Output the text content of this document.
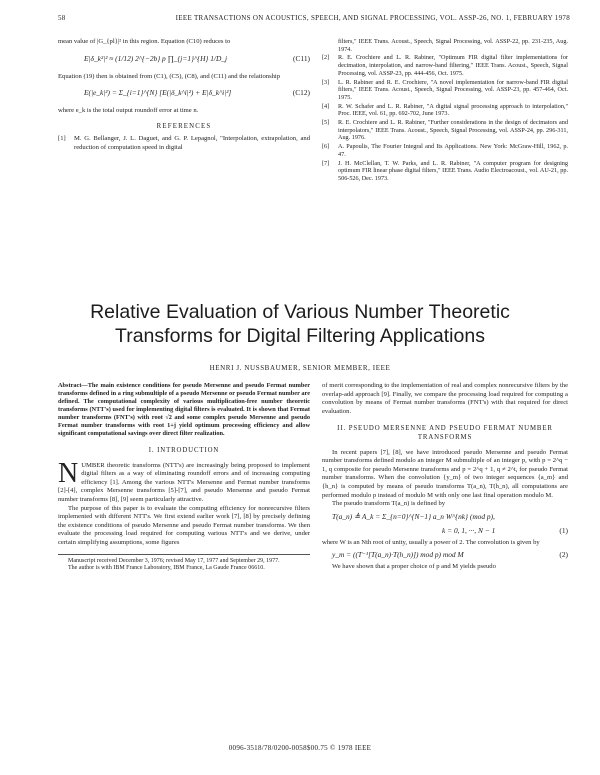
58	IEEE TRANSACTIONS ON ACOUSTICS, SPEECH, AND SIGNAL PROCESSING, VOL. ASSP-26, NO. 1, FEBRUARY 1978

mean value of |G_{pl}|² in this region. Equation (C10) reduces to

E|δ_k²|² ≈ (1/12) 2^{−2b} p ∏_{j=1}^{H} 1/D_j	(C11)

Equation (19) then is obtained from (C1), (C5), (C8), and (C11) and the relationship

E(|e_k|²) = Σ_{i=1}^{N} [E(|δ_k^i|²) + E|δ_k^i|²]	(C12)

where e_k is the total output roundoff error at time n.

REFERENCES
[1] M. G. Bellanger, J. L. Daguet, and G. P. Lepagnol, "Interpolation, extrapolation, and reduction of computation speed in digital
filters," IEEE Trans. Acoust., Speech, Signal Processing, vol. ASSP-22, pp. 231-235, Aug. 1974.
[2] R. E. Crochiere and L. R. Rabiner, "Optimum FIR digital filter implementations for decimation, interpolation, and narrow-band filtering," IEEE Trans. Acoust., Speech, Signal Processing, vol. ASSP-23, pp. 444-456, Oct. 1975.
[3] L. R. Rabiner and R. E. Crochiere, "A novel implementation for narrow-band FIR digital filters," IEEE Trans. Acoust., Speech, Signal Processing, vol. ASSP-23, pp. 457-464, Oct. 1975.
[4] R. W. Schafer and L. R. Rabiner, "A digital signal processing approach to interpolation," Proc. IEEE, vol. 61, pp. 692-702, June 1973.
[5] R. E. Crochiere and L. R. Rabiner, "Further considerations in the design of decimators and interpolators," IEEE Trans. Acoust., Speech, Signal Processing, vol. ASSP-24, pp. 296-311, Aug. 1976.
[6] A. Papoulis, The Fourier Integral and Its Applications. New York: McGraw-Hill, 1962, p. 47.
[7] J. H. McClellan, T. W. Parks, and L. R. Rabiner, "A computer program for designing optimum FIR linear phase digital filters," IEEE Trans. Audio Electroacoust., vol. AU-21, pp. 506-526, Dec. 1973.
Relative Evaluation of Various Number Theoretic
Transforms for Digital Filtering Applications
HENRI J. NUSSBAUMER, SENIOR MEMBER, IEEE

Abstract—The main existence conditions for pseudo Mersenne and pseudo Fermat number transforms defined in a ring submultiple of a pseudo Mersenne or pseudo Fermat number are defined. The computational complexity of various multiplication-free number theoretic transforms (NTT's) used for implementing digital filters is evaluated. It is shown that Fermat number transforms (FNT's) with root √2 and some complex pseudo Mersenne and pseudo Fermat number transforms with root 1+j yield optimum processing efficiency and allow significant computational savings over direct filter realization.

I. INTRODUCTION

NUMBER theoretic transforms (NTT's) are increasingly being proposed to implement digital filters as a way of eliminating roundoff errors and of increasing computing efficiency [1]. Among the various NTT's Mersenne and Fermat number transforms [2]-[4], complex Mersenne transforms [5]-[7], and pseudo Mersenne and pseudo Fermat number transforms [8], [9] seem particularly attractive.

The purpose of this paper is to evaluate the computing efficiency for nonrecursive filters implemented with different NTT's. We first extend earlier work [7], [8] by precisely defining the existence conditions of pseudo Mersenne and pseudo Fermat number transforms. We then evaluate the processing load required for computing various NTT's and we derive, under certain simplifying assumptions, some figures

Manuscript received December 3, 1976; revised May 17, 1977 and September 29, 1977.

The author is with IBM France Laboratory, IBM France, La Gaude France 06610.

of merit corresponding to the implementation of real and complex nonrecursive filters by the overlap-add approach [9]. Finally, we compare the processing load required for computing a convolution by means of Fermat number transforms (FNT's) with that required for direct evaluation.

II. PSEUDO MERSENNE AND PSEUDO FERMAT NUMBER
TRANSFORMS

In recent papers [7], [8], we have introduced pseudo Mersenne and pseudo Fermat number transforms defined modulo an integer M submultiple of an integer p, with p = 2^q − 1, q composite for pseudo Mersenne transforms and p = 2^q + 1, q ≠ 2^t, for pseudo Fermat number transforms. When the convolution {y_m} of two integer sequences {a_m} and {h_n} is computed by means of pseudo transforms T(a_n), T(h_n), all computations are performed modulo p instead of modulo M with only one last final operation modulo M.

The pseudo transform T(a_n) is defined by

T(a_n) ≜ A_k = Σ_{n=0}^{N−1} a_n W^{nk} (mod p),
k = 0, 1, ···, N − 1	(1)

where W is an Nth root of unity, usually a power of 2. The convolution is given by

y_m = ((T⁻¹[T(a_n)·T(h_n)]) mod p) mod M	(2)

We have shown that a proper choice of p and M yields pseudo

0096-3518/78/0200-0058$00.75 © 1978 IEEE
